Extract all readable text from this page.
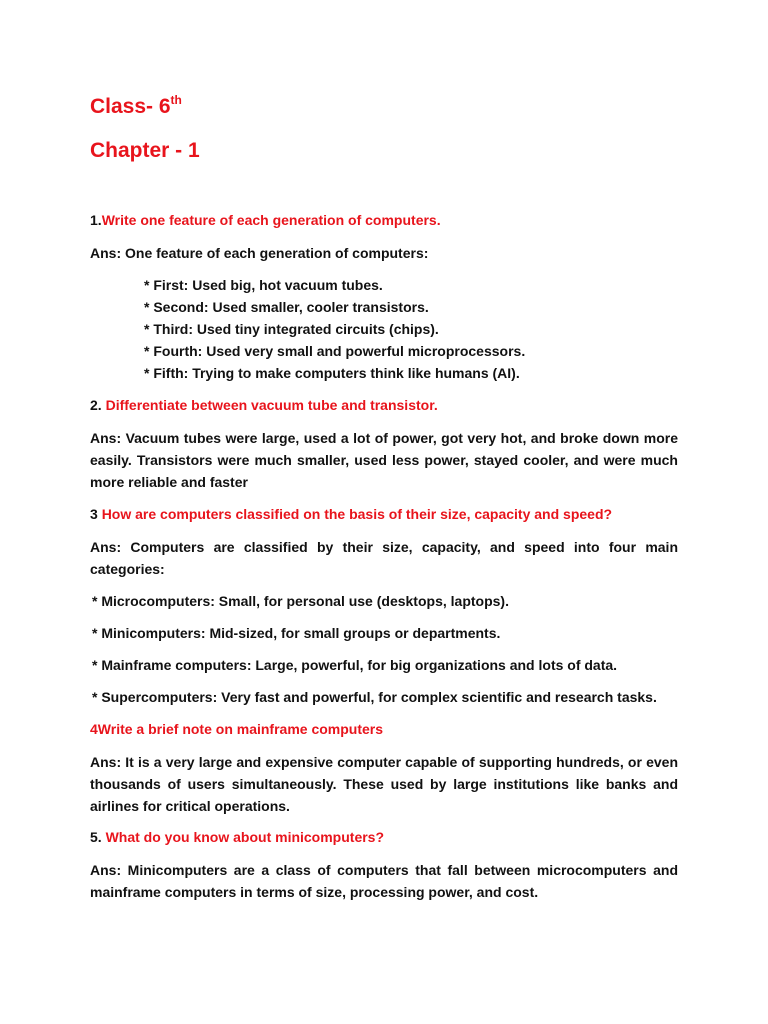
Class- 6th
Chapter - 1

1.Write one feature of each generation of computers.

Ans: One feature of each generation of computers:

* First: Used big, hot vacuum tubes.
* Second: Used smaller, cooler transistors.
* Third: Used tiny integrated circuits (chips).
* Fourth: Used very small and powerful microprocessors.
* Fifth: Trying to make computers think like humans (AI).

2. Differentiate between vacuum tube and transistor.

Ans: Vacuum tubes were large, used a lot of power, got very hot, and broke down more easily. Transistors were much smaller, used less power, stayed cooler, and were much more reliable and faster

3 How are computers classified on the basis of their size, capacity and speed?

Ans: Computers are classified by their size, capacity, and speed into four main categories:

* Microcomputers: Small, for personal use (desktops, laptops).

* Minicomputers: Mid-sized, for small groups or departments.

* Mainframe computers: Large, powerful, for big organizations and lots of data.

* Supercomputers: Very fast and powerful, for complex scientific and research tasks.

4Write a brief note on mainframe computers

Ans: It is a very large and expensive computer capable of supporting hundreds, or even thousands of users simultaneously. These used by large institutions like banks and airlines for critical operations.

5. What do you know about minicomputers?

Ans: Minicomputers are a class of computers that fall between microcomputers and mainframe computers in terms of size, processing power, and cost.
